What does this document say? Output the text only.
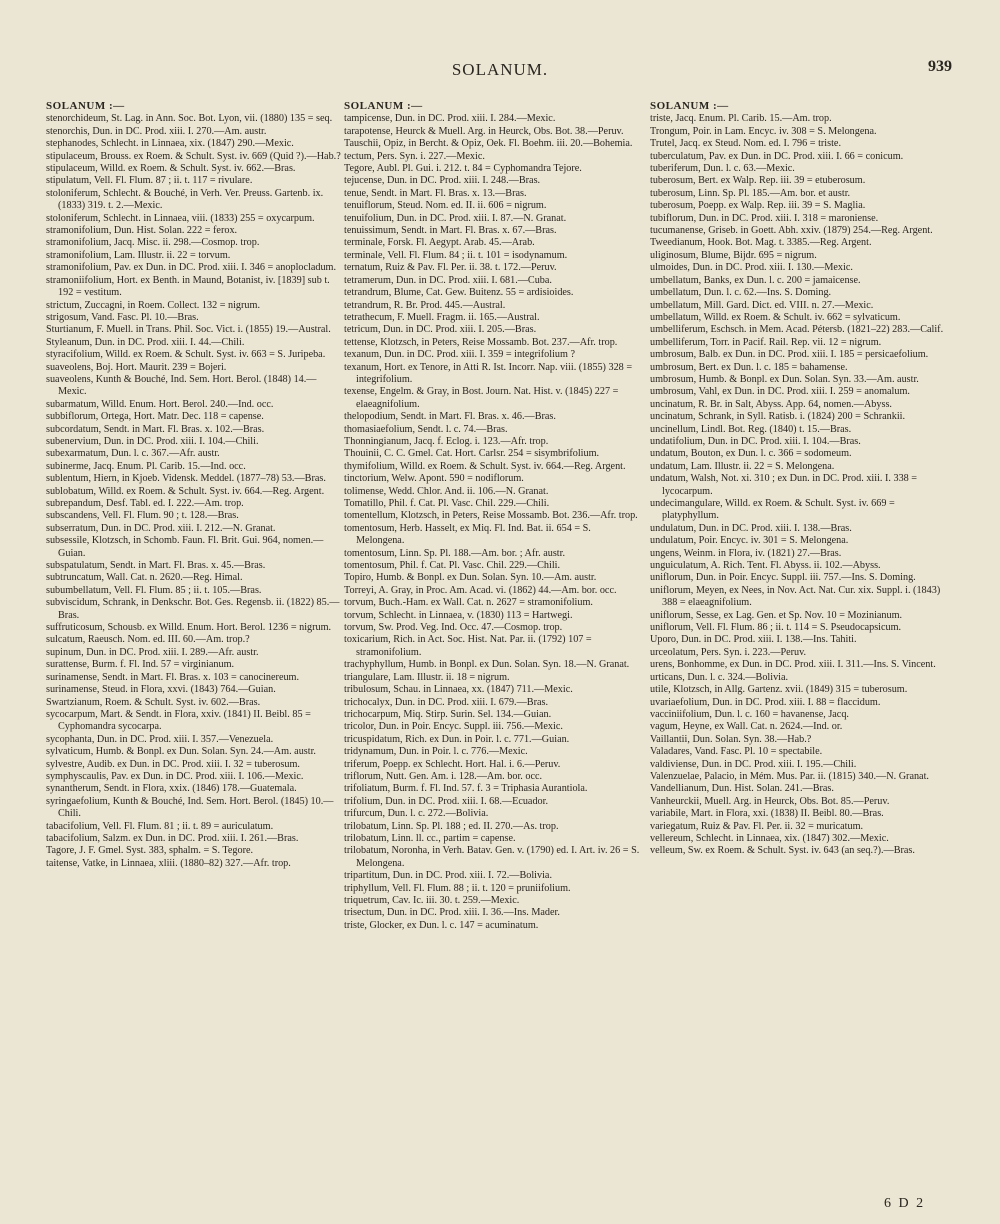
SOLANUM.	939
SOLANUM :—
stenorchideum, St. Lag. in Ann. Soc. Bot. Lyon, vii. (1880) 135 = seq.
stenorchis, Dun. in DC. Prod. xiii. I. 270.—Am. austr.
stephanodes, Schlecht. in Linnaea, xix. (1847) 290.—Mexic.
stipulaceum, Brouss. ex Roem. & Schult. Syst. iv. 669 (Quid ?).—Hab.?
stipulaceum, Willd. ex Roem. & Schult. Syst. iv. 662.—Bras.
stipulatum, Vell. Fl. Flum. 87 ; ii. t. 117 = rivulare.
stoloniferum, Schlecht. & Bouché, in Verh. Ver. Preuss. Gartenb. ix. (1833) 319. t. 2.—Mexic.
stoloniferum, Schlecht. in Linnaea, viii. (1833) 255 = oxycarpum.
stramonifolium, Dun. Hist. Solan. 222 = ferox.
stramonifolium, Jacq. Misc. ii. 298.—Cosmop. trop.
stramonifolium, Lam. Illustr. ii. 22 = torvum.
stramonifolium, Pav. ex Dun. in DC. Prod. xiii. I. 346 = anoplocladum.
stramoniifolium, Hort. ex Benth. in Maund, Botanist, iv. [1839] sub t. 192 = vestitum.
strictum, Zuccagni, in Roem. Collect. 132 = nigrum.
strigosum, Vand. Fasc. Pl. 10.—Bras.
Sturtianum, F. Muell. in Trans. Phil. Soc. Vict. i. (1855) 19.—Austral.
Styleanum, Dun. in DC. Prod. xiii. I. 44.—Chili.
styracifolium, Willd. ex Roem. & Schult. Syst. iv. 663 = S. Juripeba.
suaveolens, Boj. Hort. Maurit. 239 = Bojeri.
suaveolens, Kunth & Bouché, Ind. Sem. Hort. Berol. (1848) 14.—Mexic.
subarmatum, Willd. Enum. Hort. Berol. 240.—Ind. occ.
subbiflorum, Ortega, Hort. Matr. Dec. 118 = capense.
subcordatum, Sendt. in Mart. Fl. Bras. x. 102.—Bras.
subenervium, Dun. in DC. Prod. xiii. I. 104.—Chili.
subexarmatum, Dun. l. c. 367.—Afr. austr.
subinerme, Jacq. Enum. Pl. Carib. 15.—Ind. occ.
sublentum, Hiern, in Kjoeb. Vidensk. Meddel. (1877–78) 53.—Bras.
sublobatum, Willd. ex Roem. & Schult. Syst. iv. 664.—Reg. Argent.
subrepandum, Desf. Tabl. ed. I. 222.—Am. trop.
subscandens, Vell. Fl. Flum. 90 ; t. 128.—Bras.
subserratum, Dun. in DC. Prod. xiii. I. 212.—N. Granat.
subsessile, Klotzsch, in Schomb. Faun. Fl. Brit. Gui. 964, nomen.—Guian.
subspatulatum, Sendt. in Mart. Fl. Bras. x. 45.—Bras.
subtruncatum, Wall. Cat. n. 2620.—Reg. Himal.
subumbellatum, Vell. Fl. Flum. 85 ; ii. t. 105.—Bras.
subviscidum, Schrank, in Denkschr. Bot. Ges. Regensb. ii. (1822) 85.—Bras.
suffruticosum, Schousb. ex Willd. Enum. Hort. Berol. 1236 = nigrum.
sulcatum, Raeusch. Nom. ed. III. 60.—Am. trop.?
supinum, Dun. in DC. Prod. xiii. I. 289.—Afr. austr.
surattense, Burm. f. Fl. Ind. 57 = virginianum.
surinamense, Sendt. in Mart. Fl. Bras. x. 103 = canocinereum.
surinamense, Steud. in Flora, xxvi. (1843) 764.—Guian.
Swartzianum, Roem. & Schult. Syst. iv. 602.—Bras.
sycocarpum, Mart. & Sendt. in Flora, xxiv. (1841) II. Beibl. 85 = Cyphomandra sycocarpa.
sycophanta, Dun. in DC. Prod. xiii. I. 357.—Venezuela.
sylvaticum, Humb. & Bonpl. ex Dun. Solan. Syn. 24.—Am. austr.
sylvestre, Audib. ex Dun. in DC. Prod. xiii. I. 32 = tuberosum.
symphyscaulis, Pav. ex Dun. in DC. Prod. xiii. I. 106.—Mexic.
synantherum, Sendt. in Flora, xxix. (1846) 178.—Guatemala.
syringaefolium, Kunth & Bouché, Ind. Sem. Hort. Berol. (1845) 10.—Chili.
tabacifolium, Vell. Fl. Flum. 81 ; ii. t. 89 = auriculatum.
tabacifolium, Salzm. ex Dun. in DC. Prod. xiii. I. 261.—Bras.
Tagore, J. F. Gmel. Syst. 383, sphalm. = S. Tegore.
taitense, Vatke, in Linnaea, xliii. (1880–82) 327.—Afr. trop.
SOLANUM :—
tampicense, Dun. in DC. Prod. xiii. I. 284.—Mexic.
tarapotense, Heurck & Muell. Arg. in Heurck, Obs. Bot. 38.—Peruv.
Tauschii, Opiz, in Bercht. & Opiz, Oek. Fl. Boehm. iii. 20.—Bohemia.
tectum, Pers. Syn. i. 227.—Mexic.
Tegore, Aubl. Pl. Gui. i. 212. t. 84 = Cyphomandra Tejore.
tejucense, Dun. in DC. Prod. xiii. I. 248.—Bras.
tenue, Sendt. in Mart. Fl. Bras. x. 13.—Bras.
tenuiflorum, Steud. Nom. ed. II. ii. 606 = nigrum.
tenuifolium, Dun. in DC. Prod. xiii. I. 87.—N. Granat.
tenuissimum, Sendt. in Mart. Fl. Bras. x. 67.—Bras.
terminale, Forsk. Fl. Aegypt. Arab. 45.—Arab.
terminale, Vell. Fl. Flum. 84 ; ii. t. 101 = isodynamum.
ternatum, Ruiz & Pav. Fl. Per. ii. 38. t. 172.—Peruv.
tetramerum, Dun. in DC. Prod. xiii. I. 681.—Cuba.
tetrandrum, Blume, Cat. Gew. Buitenz. 55 = ardisioides.
tetrandrum, R. Br. Prod. 445.—Austral.
tetrathecum, F. Muell. Fragm. ii. 165.—Austral.
tetricum, Dun. in DC. Prod. xiii. I. 205.—Bras.
tettense, Klotzsch, in Peters, Reise Mossamb. Bot. 237.—Afr. trop.
texanum, Dun. in DC. Prod. xiii. I. 359 = integrifolium ?
texanum, Hort. ex Tenore, in Atti R. Ist. Incorr. Nap. viii. (1855) 328 = integrifolium.
texense, Engelm. & Gray, in Bost. Journ. Nat. Hist. v. (1845) 227 = elaeagnifolium.
thelopodium, Sendt. in Mart. Fl. Bras. x. 46.—Bras.
thomasiaefolium, Sendt. l. c. 74.—Bras.
Thonningianum, Jacq. f. Eclog. i. 123.—Afr. trop.
Thouinii, C. C. Gmel. Cat. Hort. Carlsr. 254 = sisymbrifolium.
thymifolium, Willd. ex Roem. & Schult. Syst. iv. 664.—Reg. Argent.
tinctorium, Welw. Apont. 590 = nodiflorum.
tolimense, Wedd. Chlor. And. ii. 106.—N. Granat.
Tomatillo, Phil. f. Cat. Pl. Vasc. Chil. 229.—Chili.
tomentellum, Klotzsch, in Peters, Reise Mossamb. Bot. 236.—Afr. trop.
tomentosum, Herb. Hasselt, ex Miq. Fl. Ind. Bat. ii. 654 = S. Melongena.
tomentosum, Linn. Sp. Pl. 188.—Am. bor. ; Afr. austr.
tomentosum, Phil. f. Cat. Pl. Vasc. Chil. 229.—Chili.
Topiro, Humb. & Bonpl. ex Dun. Solan. Syn. 10.—Am. austr.
Torreyi, A. Gray, in Proc. Am. Acad. vi. (1862) 44.—Am. bor. occ.
torvum, Buch.-Ham. ex Wall. Cat. n. 2627 = stramonifolium.
torvum, Schlecht. in Linnaea, v. (1830) 113 = Hartwegi.
torvum, Sw. Prod. Veg. Ind. Occ. 47.—Cosmop. trop.
toxicarium, Rich. in Act. Soc. Hist. Nat. Par. ii. (1792) 107 = stramonifolium.
trachyphyllum, Humb. in Bonpl. ex Dun. Solan. Syn. 18.—N. Granat.
triangulare, Lam. Illustr. ii. 18 = nigrum.
tribulosum, Schau. in Linnaea, xx. (1847) 711.—Mexic.
trichocalyx, Dun. in DC. Prod. xiii. I. 679.—Bras.
trichocarpum, Miq. Stirp. Surin. Sel. 134.—Guian.
tricolor, Dun. in Poir. Encyc. Suppl. iii. 756.—Mexic.
tricuspidatum, Rich. ex Dun. in Poir. l. c. 771.—Guian.
tridynamum, Dun. in Poir. l. c. 776.—Mexic.
triferum, Poepp. ex Schlecht. Hort. Hal. i. 6.—Peruv.
triflorum, Nutt. Gen. Am. i. 128.—Am. bor. occ.
trifoliatum, Burm. f. Fl. Ind. 57. f. 3 = Triphasia Aurantiola.
trifolium, Dun. in DC. Prod. xiii. I. 68.—Ecuador.
trifurcum, Dun. l. c. 272.—Bolivia.
trilobatum, Linn. Sp. Pl. 188 ; ed. II. 270.—As. trop.
trilobatum, Linn. ll. cc., partim = capense.
trilobatum, Noronha, in Verh. Batav. Gen. v. (1790) ed. I. Art. iv. 26 = S. Melongena.
tripartitum, Dun. in DC. Prod. xiii. I. 72.—Bolivia.
triphyllum, Vell. Fl. Flum. 88 ; ii. t. 120 = pruniifolium.
triquetrum, Cav. Ic. iii. 30. t. 259.—Mexic.
trisectum, Dun. in DC. Prod. xiii. I. 36.—Ins. Mader.
triste, Glocker, ex Dun. l. c. 147 = acuminatum.
SOLANUM :—
triste, Jacq. Enum. Pl. Carib. 15.—Am. trop.
Trongum, Poir. in Lam. Encyc. iv. 308 = S. Melongena.
Trutel, Jacq. ex Steud. Nom. ed. I. 796 = triste.
tuberculatum, Pav. ex Dun. in DC. Prod. xiii. I. 66 = conicum.
tuberiferum, Dun. l. c. 63.—Mexic.
tuberosum, Bert. ex Walp. Rep. iii. 39 = etuberosum.
tuberosum, Linn. Sp. Pl. 185.—Am. bor. et austr.
tuberosum, Poepp. ex Walp. Rep. iii. 39 = S. Maglia.
tubiflorum, Dun. in DC. Prod. xiii. I. 318 = maroniense.
tucumanense, Griseb. in Goett. Abh. xxiv. (1879) 254.—Reg. Argent.
Tweedianum, Hook. Bot. Mag. t. 3385.—Reg. Argent.
uliginosum, Blume, Bijdr. 695 = nigrum.
ulmoides, Dun. in DC. Prod. xiii. I. 130.—Mexic.
umbellatum, Banks, ex Dun. l. c. 200 = jamaicense.
umbellatum, Dun. l. c. 62.—Ins. S. Doming.
umbellatum, Mill. Gard. Dict. ed. VIII. n. 27.—Mexic.
umbellatum, Willd. ex Roem. & Schult. iv. 662 = sylvaticum.
umbelliferum, Eschsch. in Mem. Acad. Pétersb. (1821–22) 283.—Calif.
umbelliferum, Torr. in Pacif. Rail. Rep. vii. 12 = nigrum.
umbrosum, Balb. ex Dun. in DC. Prod. xiii. I. 185 = persicaefolium.
umbrosum, Bert. ex Dun. l. c. 185 = bahamense.
umbrosum, Humb. & Bonpl. ex Dun. Solan. Syn. 33.—Am. austr.
umbrosum, Vahl, ex Dun. in DC. Prod. xiii. I. 259 = anomalum.
uncinatum, R. Br. in Salt, Abyss. App. 64, nomen.—Abyss.
uncinatum, Schrank, in Syll. Ratisb. i. (1824) 200 = Schrankii.
uncinellum, Lindl. Bot. Reg. (1840) t. 15.—Bras.
undatifolium, Dun. in DC. Prod. xiii. I. 104.—Bras.
undatum, Bouton, ex Dun. l. c. 366 = sodomeum.
undatum, Lam. Illustr. ii. 22 = S. Melongena.
undatum, Walsh, Not. xi. 310 ; ex Dun. in DC. Prod. xiii. I. 338 = lycocarpum.
undecimangulare, Willd. ex Roem. & Schult. Syst. iv. 669 = platyphyllum.
undulatum, Dun. in DC. Prod. xiii. I. 138.—Bras.
undulatum, Poir. Encyc. iv. 301 = S. Melongena.
ungens, Weinm. in Flora, iv. (1821) 27.—Bras.
unguiculatum, A. Rich. Tent. Fl. Abyss. ii. 102.—Abyss.
uniflorum, Dun. in Poir. Encyc. Suppl. iii. 757.—Ins. S. Doming.
uniflorum, Meyen, ex Nees, in Nov. Act. Nat. Cur. xix. Suppl. i. (1843) 388 = elaeagnifolium.
uniflorum, Sesse, ex Lag. Gen. et Sp. Nov. 10 = Mozinianum.
uniflorum, Vell. Fl. Flum. 86 ; ii. t. 114 = S. Pseudocapsicum.
Uporo, Dun. in DC. Prod. xiii. I. 138.—Ins. Tahiti.
urceolatum, Pers. Syn. i. 223.—Peruv.
urens, Bonhomme, ex Dun. in DC. Prod. xiii. I. 311.—Ins. S. Vincent.
urticans, Dun. l. c. 324.—Bolivia.
utile, Klotzsch, in Allg. Gartenz. xvii. (1849) 315 = tuberosum.
uvariaefolium, Dun. in DC. Prod. xiii. I. 88 = flaccidum.
vacciniifolium, Dun. l. c. 160 = havanense, Jacq.
vagum, Heyne, ex Wall. Cat. n. 2624.—Ind. or.
Vaillantii, Dun. Solan. Syn. 38.—Hab.?
Valadares, Vand. Fasc. Pl. 10 = spectabile.
valdiviense, Dun. in DC. Prod. xiii. I. 195.—Chili.
Valenzuelae, Palacio, in Mém. Mus. Par. ii. (1815) 340.—N. Granat.
Vandellianum, Dun. Hist. Solan. 241.—Bras.
Vanheurckii, Muell. Arg. in Heurck, Obs. Bot. 85.—Peruv.
variabile, Mart. in Flora, xxi. (1838) II. Beibl. 80.—Bras.
variegatum, Ruiz & Pav. Fl. Per. ii. 32 = muricatum.
vellereum, Schlecht. in Linnaea, xix. (1847) 302.—Mexic.
velleum, Sw. ex Roem. & Schult. Syst. iv. 643 (an seq.?).—Bras.
6 D 2
